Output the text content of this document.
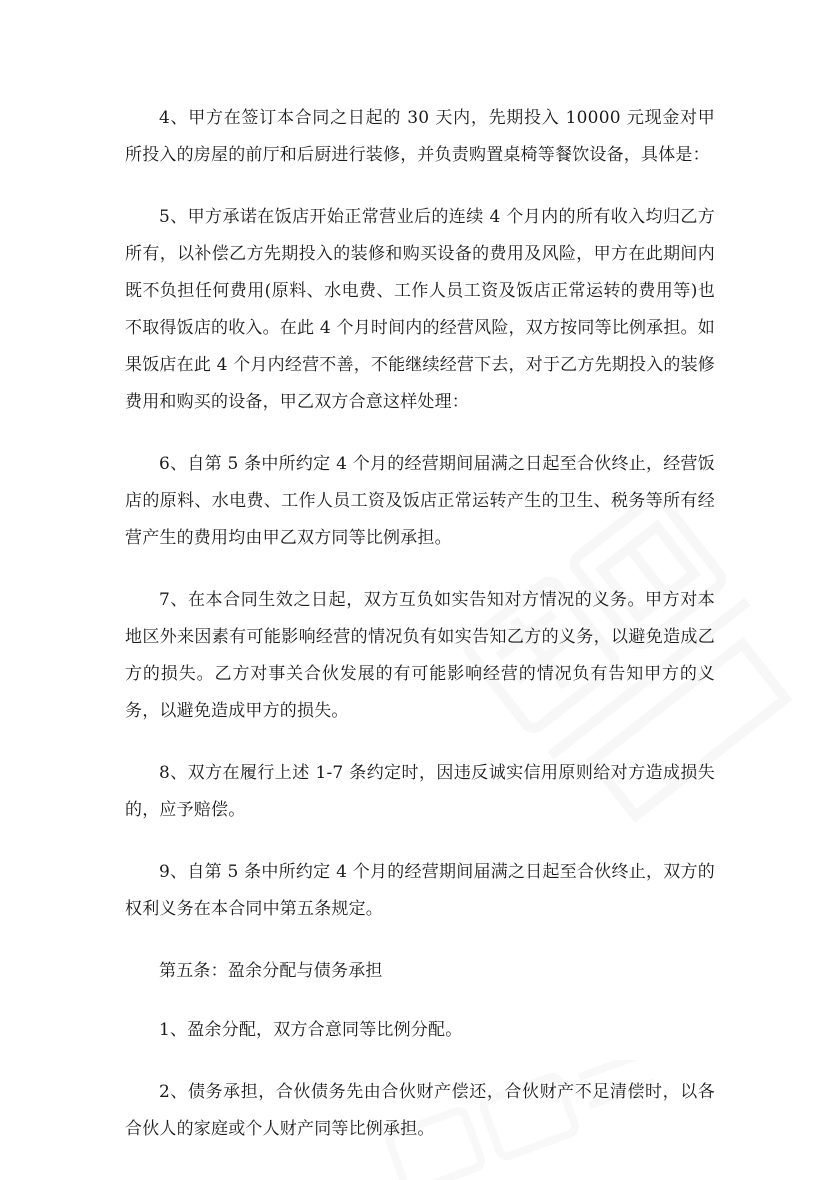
4、甲方在签订本合同之日起的 30 天内，先期投入 10000 元现金对甲所投入的房屋的前厅和后厨进行装修，并负责购置桌椅等餐饮设备，具体是：

5、甲方承诺在饭店开始正常营业后的连续 4 个月内的所有收入均归乙方所有，以补偿乙方先期投入的装修和购买设备的费用及风险，甲方在此期间内既不负担任何费用(原料、水电费、工作人员工资及饭店正常运转的费用等)也不取得饭店的收入。在此 4 个月时间内的经营风险，双方按同等比例承担。如果饭店在此 4 个月内经营不善，不能继续经营下去，对于乙方先期投入的装修费用和购买的设备，甲乙双方合意这样处理：

6、自第 5 条中所约定 4 个月的经营期间届满之日起至合伙终止，经营饭店的原料、水电费、工作人员工资及饭店正常运转产生的卫生、税务等所有经营产生的费用均由甲乙双方同等比例承担。

7、在本合同生效之日起，双方互负如实告知对方情况的义务。甲方对本地区外来因素有可能影响经营的情况负有如实告知乙方的义务，以避免造成乙方的损失。乙方对事关合伙发展的有可能影响经营的情况负有告知甲方的义务，以避免造成甲方的损失。

8、双方在履行上述 1-7 条约定时，因违反诚实信用原则给对方造成损失的，应予赔偿。

9、自第 5 条中所约定 4 个月的经营期间届满之日起至合伙终止，双方的权利义务在本合同中第五条规定。

第五条：盈余分配与债务承担

1、盈余分配，双方合意同等比例分配。

2、债务承担，合伙债务先由合伙财产偿还，合伙财产不足清偿时，以各合伙人的家庭或个人财产同等比例承担。
